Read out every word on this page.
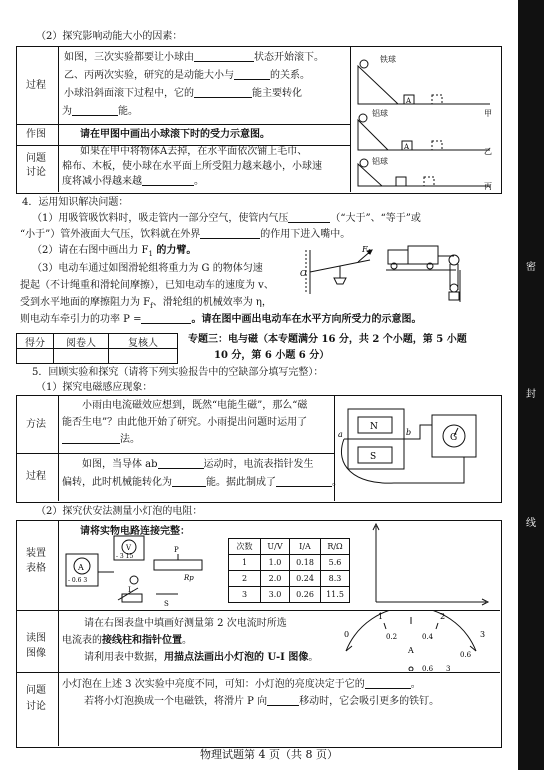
密
封
线
（2）探究影响动能大小的因素：
过程
如图，三次实验都要让小球由	状态开始滚下。
乙、丙两次实验，研究的是动能大小与	的关系。
小球沿斜面滚下过程中，它的	能主要转化
为	能。
作图	请在甲图中画出小球滚下时的受力示意图。
问题
讨论
如果在甲中将物体A去掉，在水平面依次铺上毛巾、
棉布、木板，使小球在水平面上所受阻力越来越小，小球速
度将减小得越来越	。
铁球
A
甲
铝球
A	乙
铝球
丙
4．运用知识解决问题：
（1）用吸管吸饮料时，吸走管内一部分空气，使管内气压	（“大于”、“等于”或
“小于”）管外液面大气压，饮料就在外界	的作用下进入嘴中。
（2）请在右图中画出力 $F_1$ 的力臂。
（3）电动车通过如图滑轮组将重力为 G 的物体匀速
提起（不计绳重和滑轮间摩擦），已知电动车的速度为 v、
受到水平地面的摩擦阻力为 $F_f$、滑轮组的机械效率为 η，
则电动车牵引力的功率 P =	。请在图中画出电动车在水平方向所受力的示意图。
$F_1$
O
得分	阅卷人	复核人	专题三：电与磁（本专题满分 16 分，共 2 个小题，第 5 小题
10 分，第 6 小题 6 分）
5．回顾实验和探究（请将下列实验报告中的空缺部分填写完整）：
（1）探究电磁感应现象：
方法
小雨由电流磁效应想到，既然“电能生磁”，那么“磁
能否生电”？由此他开始了研究。小雨提出问题时运用了
法。
过程
如图，当导体 ab	运动时，电流表指针发生
偏转，此时机械能转化为	能。据此制成了	。
N
a	b
S
G
（2）探究伏安法测量小灯泡的电阻：
请将实物电路连接完整：
装置
表格	A
- 0.6 3
V
- 3 15
P
L
Rp
S
次数	U/V	I/A	R/Ω
1	1.0	0.18	5.6
2	2.0	0.24	8.3
3	3.0	0.26	11.5
读图
图像
请在右图表盘中填画好测量第 2 次电流时所选
电流表的接线柱和指针位置。
请利用表中数据，用描点法画出小灯泡的 U-I 图像。
0
1	2
3
0.2	0.4
0.6
A
0.6 3
问题
讨论
小灯泡在上述 3 次实验中亮度不同，可知：小灯泡的亮度决定于它的	。
若将小灯泡换成一个电磁铁，将滑片 P 向	移动时，它会吸引更多的铁钉。
物理试题第 4 页（共 8 页）
